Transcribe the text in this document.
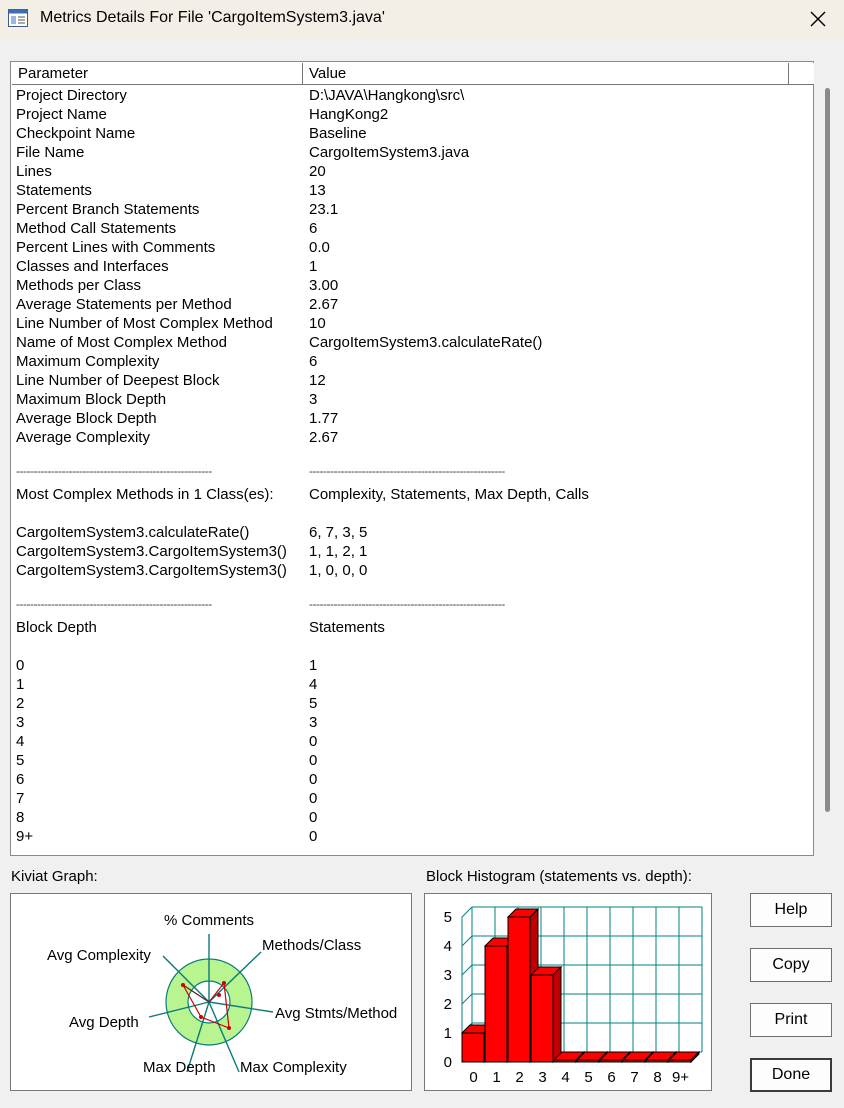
Metrics Details For File 'CargoItemSystem3.java'
Parameter	Value
Project Directory	D:\JAVA\Hangkong\src\
Project Name	HangKong2
Checkpoint Name	Baseline
File Name	CargoItemSystem3.java
Lines	20
Statements	13
Percent Branch Statements	23.1
Method Call Statements	6
Percent Lines with Comments	0.0
Classes and Interfaces	1
Methods per Class	3.00
Average Statements per Method	2.67
Line Number of Most Complex Method 10
Name of Most Complex Method	CargoItemSystem3.calculateRate()
Maximum Complexity	6
Line Number of Deepest Block	12
Maximum Block Depth	3
Average Block Depth	1.77
Average Complexity	2.67
--------------------------------------------------------	--------------------------------------------------------
Most Complex Methods in 1 Class(es): Complexity, Statements, Max Depth, Calls
CargoItemSystem3.calculateRate()	6, 7, 3, 5
CargoItemSystem3.CargoItemSystem3() 1, 1, 2, 1
CargoItemSystem3.CargoItemSystem3() 1, 0, 0, 0
--------------------------------------------------------	--------------------------------------------------------
Block Depth	Statements
0	1
1	4
2	5
3	3
4	0
5	0
6	0
7	0
8	0
9+	0
Kiviat Graph:
% Comments
Methods/Class
Avg Stmts/Method
Max Complexity
Max Depth
Avg Depth
Avg Complexity
Block Histogram (statements vs. depth):
0
1
2
3
4
5
0 1 2 3 4 5 6 7 8 9+
Help
Copy
Print
Done
